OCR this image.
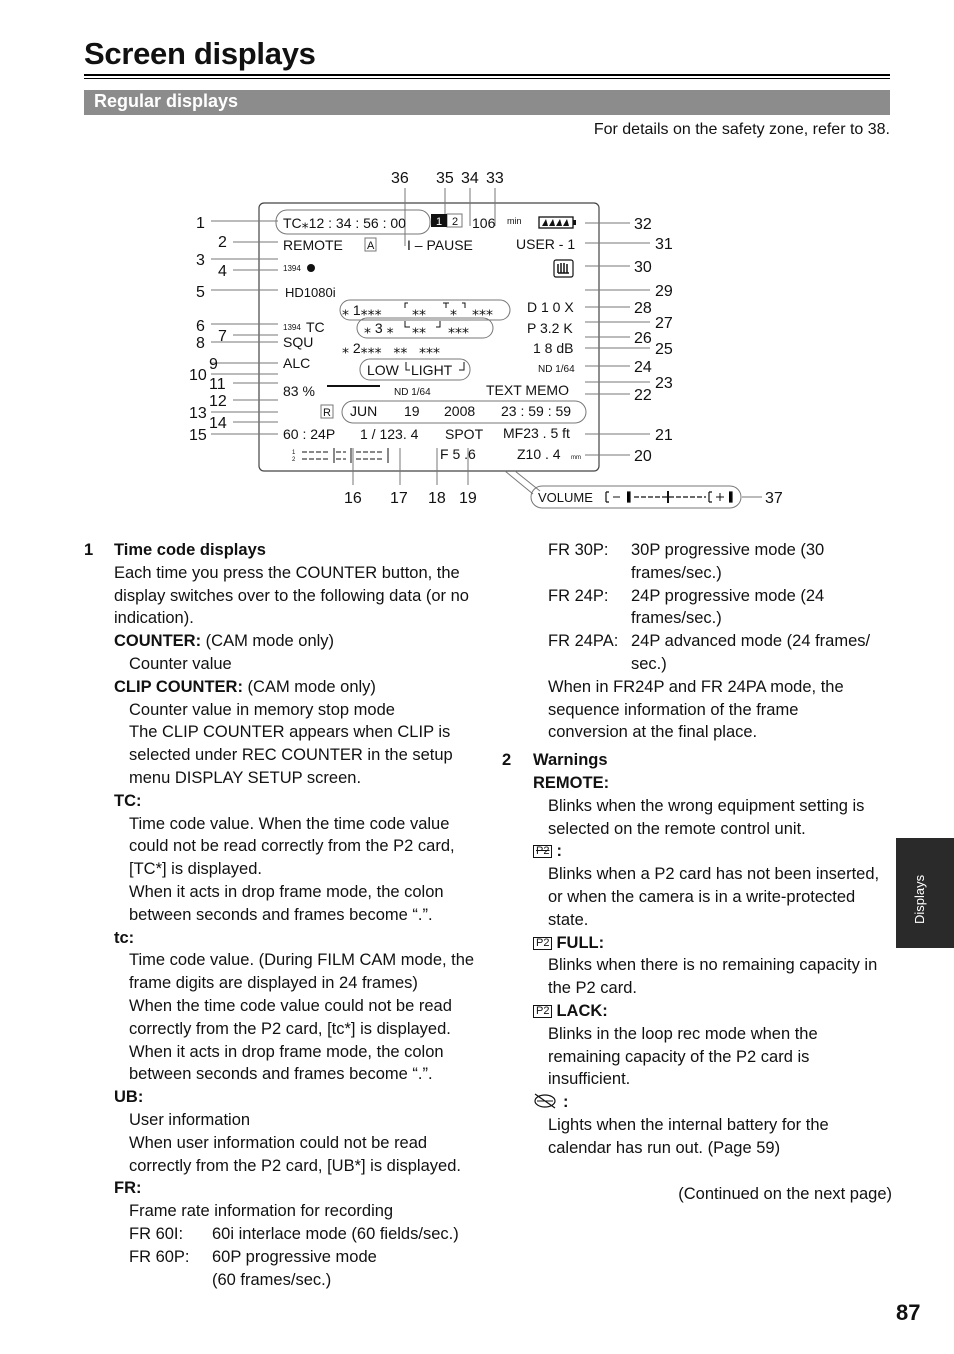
Screen displays
Regular displays
For details on the safety zone, refer to 38.
1 2
1
2
3
4
5
6
7
8
9
10
11
12
13
14
15
16 17 18 19
20
21
22
23
24
25
26
27
28
29
30
31
32
33
34
35
36
37
TC⁎12 : 34 : 56 : 00	106 min
REMOTE A I – PAUSE	USER - 1
1394
HD1080i
⁎ 1⁎⁎⁎ ⁎⁎ ⁎ ⁎⁎⁎ D 1 0 X
1394 TC	⁎ 3 ⁎ ⁎⁎ ⁎⁎⁎	P 3.2 K
SQU ⁎ 2⁎⁎⁎   ⁎⁎   ⁎⁎⁎	1 8 dB
ALC	LOW LIGHT	ND 1/64
83 %	ND 1/64	TEXT MEMO
R JUN 19 2008 23 : 59 : 59
60 : 24P 1 / 123. 4 SPOT MF23 . 5 ft
F 5 .6	Z10 . 4 mm
VOLUME
1
2

1 Time code displays

Each time you press the COUNTER button, the display switches over to the following data (or no indication).

COUNTER: (CAM mode only)

Counter value

CLIP COUNTER: (CAM mode only)

Counter value in memory stop mode

The CLIP COUNTER appears when CLIP is selected under REC COUNTER in the setup menu DISPLAY SETUP screen.

TC:

Time code value. When the time code value could not be read correctly from the P2 card, [TC*] is displayed.

When it acts in drop frame mode, the colon between seconds and frames become “.”.

tc:

Time code value. (During FILM CAM mode, the frame digits are displayed in 24 frames)

When the time code value could not be read correctly from the P2 card, [tc*] is displayed.

When it acts in drop frame mode, the colon between seconds and frames become “.”.

UB:

User information

When user information could not be read correctly from the P2 card, [UB*] is displayed.

FR:

Frame rate information for recording

FR 60I:	60i interlace mode (60 fields/sec.)
FR 60P:	60P progressive mode (60 frames/sec.)
FR 30P:	30P progressive mode (30 frames/sec.)
FR 24P:	24P progressive mode (24 frames/sec.)
FR 24PA: 24P advanced mode (24 frames/ sec.)

When in FR24P and FR 24PA mode, the sequence information of the frame conversion at the final place.

2 Warnings

REMOTE:

Blinks when the wrong equipment setting is selected on the remote control unit.

P2 :

Blinks when a P2 card has not been inserted, or when the camera is in a write-protected state.

P2 FULL:

Blinks when there is no remaining capacity in the P2 card.

P2 LACK:

Blinks in the loop rec mode when the remaining capacity of the P2 card is insufficient.

:

Lights when the internal battery for the calendar has run out. (Page 59)

(Continued on the next page)

Displays
87
